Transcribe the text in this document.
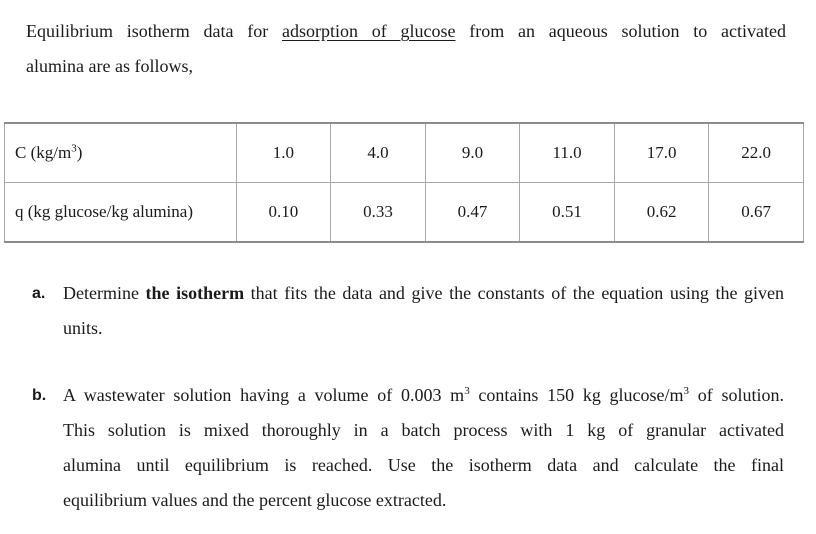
Equilibrium isotherm data for adsorption of glucose from an aqueous solution to activated
alumina are as follows,
C $(kg/m^3)$	1.0	4.0	9.0	11.0	17.0	22.0
q (kg glucose/kg alumina)	0.10	0.33	0.47	0.51	0.62	0.67
a. Determine the isotherm that fits the data and give the constants of the equation using the given units.
b. A wastewater solution having a volume of 0.003 $m^3$ contains 150 kg glucose/$m^3$ of solution.
This solution is mixed thoroughly in a batch process with 1 kg of granular activated
alumina until equilibrium is reached. Use the isotherm data and calculate the final
equilibrium values and the percent glucose extracted.
